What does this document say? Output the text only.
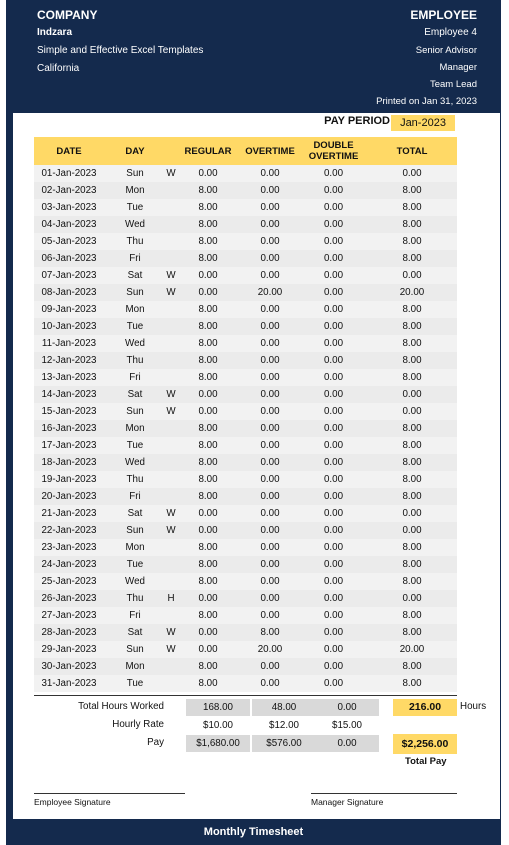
COMPANY
Indzara
Simple and Effective Excel Templates
California
EMPLOYEE
Employee 4
Senior Advisor
Manager
Team Lead
Printed on Jan 31, 2023
PAY PERIOD Jan-2023
DATE	DAY		REGULAR	OVERTIME	DOUBLE OVERTIME	TOTAL
01-Jan-2023	Sun	W	0.00	0.00	0.00	0.00
02-Jan-2023	Mon		8.00	0.00	0.00	8.00
03-Jan-2023	Tue		8.00	0.00	0.00	8.00
04-Jan-2023	Wed		8.00	0.00	0.00	8.00
05-Jan-2023	Thu		8.00	0.00	0.00	8.00
06-Jan-2023	Fri		8.00	0.00	0.00	8.00
07-Jan-2023	Sat	W	0.00	0.00	0.00	0.00
08-Jan-2023	Sun	W	0.00	20.00	0.00	20.00
09-Jan-2023	Mon		8.00	0.00	0.00	8.00
10-Jan-2023	Tue		8.00	0.00	0.00	8.00
11-Jan-2023	Wed		8.00	0.00	0.00	8.00
12-Jan-2023	Thu		8.00	0.00	0.00	8.00
13-Jan-2023	Fri		8.00	0.00	0.00	8.00
14-Jan-2023	Sat	W	0.00	0.00	0.00	0.00
15-Jan-2023	Sun	W	0.00	0.00	0.00	0.00
16-Jan-2023	Mon		8.00	0.00	0.00	8.00
17-Jan-2023	Tue		8.00	0.00	0.00	8.00
18-Jan-2023	Wed		8.00	0.00	0.00	8.00
19-Jan-2023	Thu		8.00	0.00	0.00	8.00
20-Jan-2023	Fri		8.00	0.00	0.00	8.00
21-Jan-2023	Sat	W	0.00	0.00	0.00	0.00
22-Jan-2023	Sun	W	0.00	0.00	0.00	0.00
23-Jan-2023	Mon		8.00	0.00	0.00	8.00
24-Jan-2023	Tue		8.00	0.00	0.00	8.00
25-Jan-2023	Wed		8.00	0.00	0.00	8.00
26-Jan-2023	Thu	H	0.00	0.00	0.00	0.00
27-Jan-2023	Fri		8.00	0.00	0.00	8.00
28-Jan-2023	Sat	W	0.00	8.00	0.00	8.00
29-Jan-2023	Sun	W	0.00	20.00	0.00	20.00
30-Jan-2023	Mon		8.00	0.00	0.00	8.00
31-Jan-2023	Tue		8.00	0.00	0.00	8.00
Total Hours Worked	168.00	48.00	0.00	216.00	Hours
Hourly Rate	$10.00	$12.00	$15.00
Pay	$1,680.00	$576.00	0.00	$2,256.00
Total Pay
Employee Signature	Manager Signature
Monthly Timesheet
